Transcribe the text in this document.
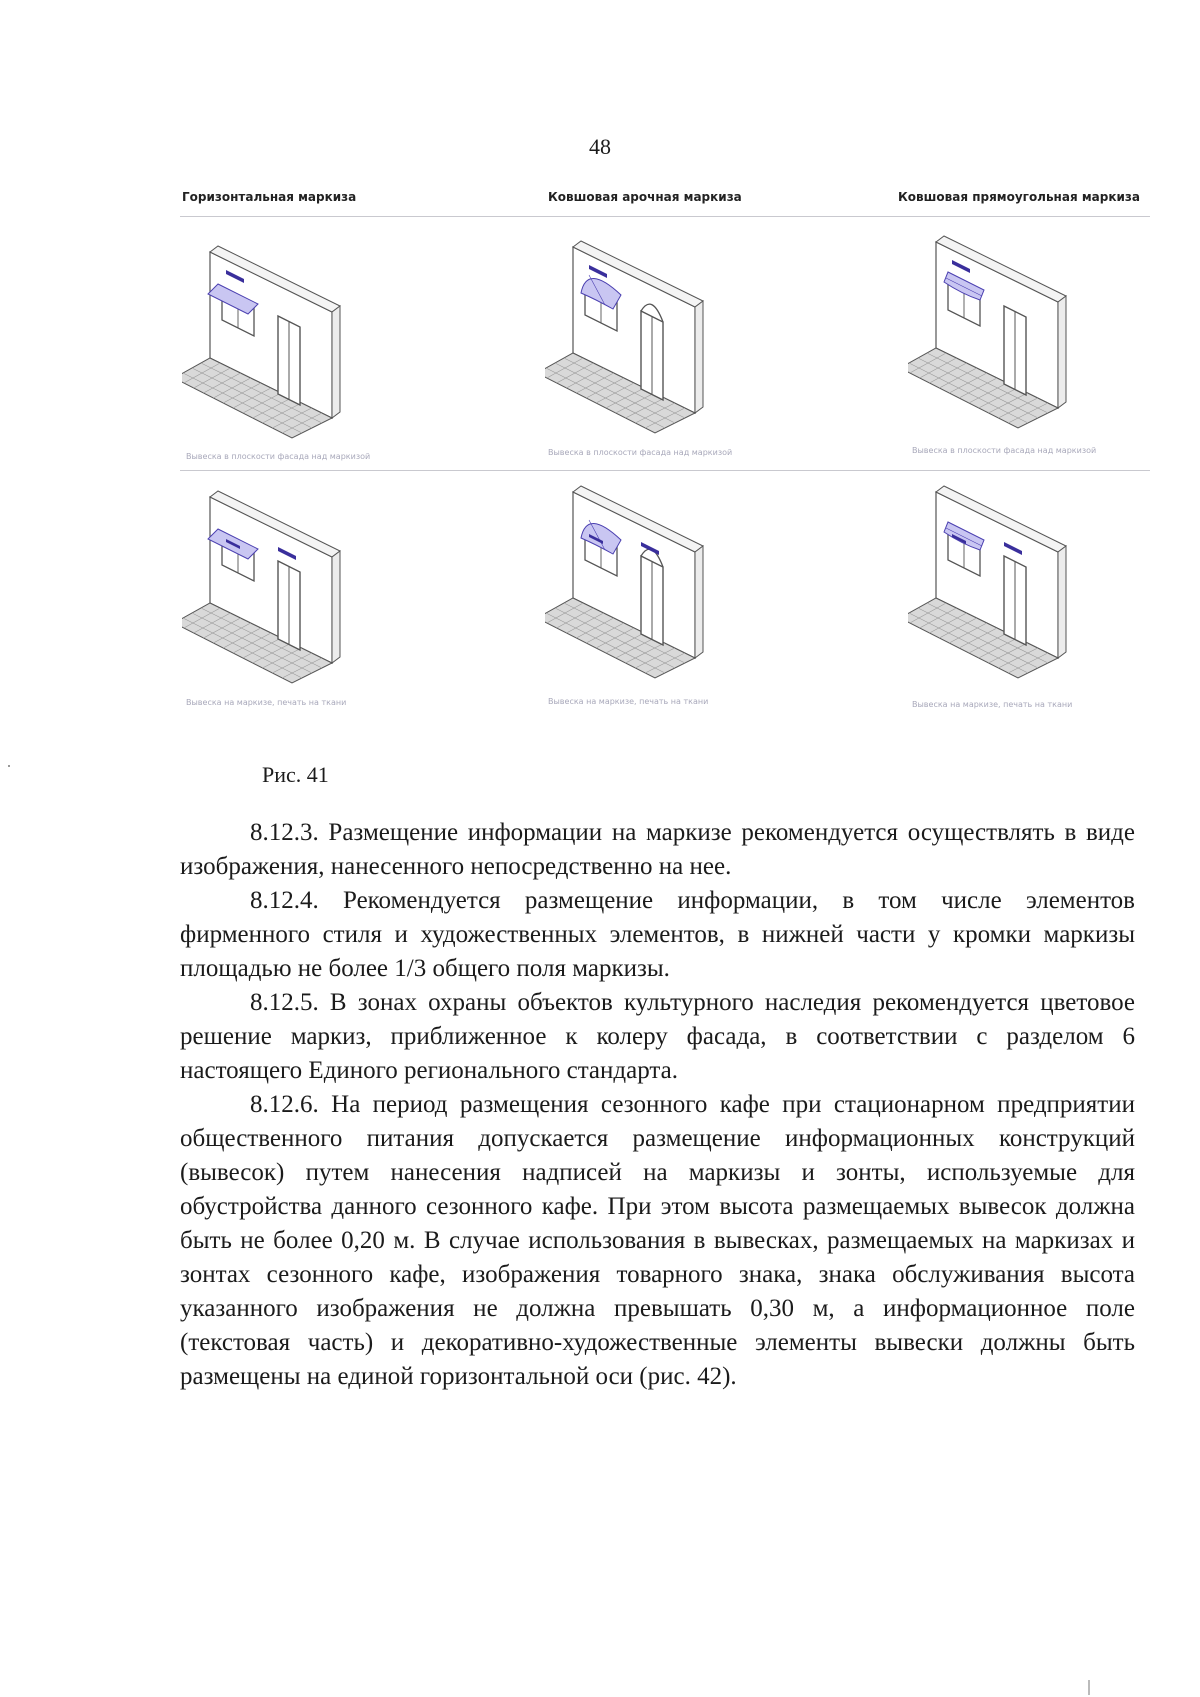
48
Горизонтальная маркиза	Ковшовая арочная маркиза	Ковшовая прямоугольная маркиза
Вывеска в плоскости фасада над маркизой	Вывеска в плоскости фасада над маркизой	Вывеска в плоскости фасада над маркизой
Вывеска на маркизе, печать на ткани	Вывеска на маркизе, печать на ткани	Вывеска на маркизе, печать на ткани
Рис. 41

8.12.3. Размещение информации на маркизе рекомендуется осуществлять в виде изображения, нанесенного непосредственно на нее.

8.12.4. Рекомендуется размещение информации, в том числе элементов фирменного стиля и художественных элементов, в нижней части у кромки маркизы площадью не более 1/3 общего поля маркизы.

8.12.5. В зонах охраны объектов культурного наследия рекомендуется цветовое решение маркиз, приближенное к колеру фасада, в соответствии с разделом 6 настоящего Единого регионального стандарта.

8.12.6. На период размещения сезонного кафе при стационарном предприятии общественного питания допускается размещение информационных конструкций (вывесок) путем нанесения надписей на маркизы и зонты, используемые для обустройства данного сезонного кафе. При этом высота размещаемых вывесок должна быть не более 0,20 м. В случае использования в вывесках, размещаемых на маркизах и зонтах сезонного кафе, изображения товарного знака, знака обслуживания высота указанного изображения не должна превышать 0,30 м, а информационное поле (текстовая часть) и декоративно-художественные элементы вывески должны быть размещены на единой горизонтальной оси (рис. 42).
